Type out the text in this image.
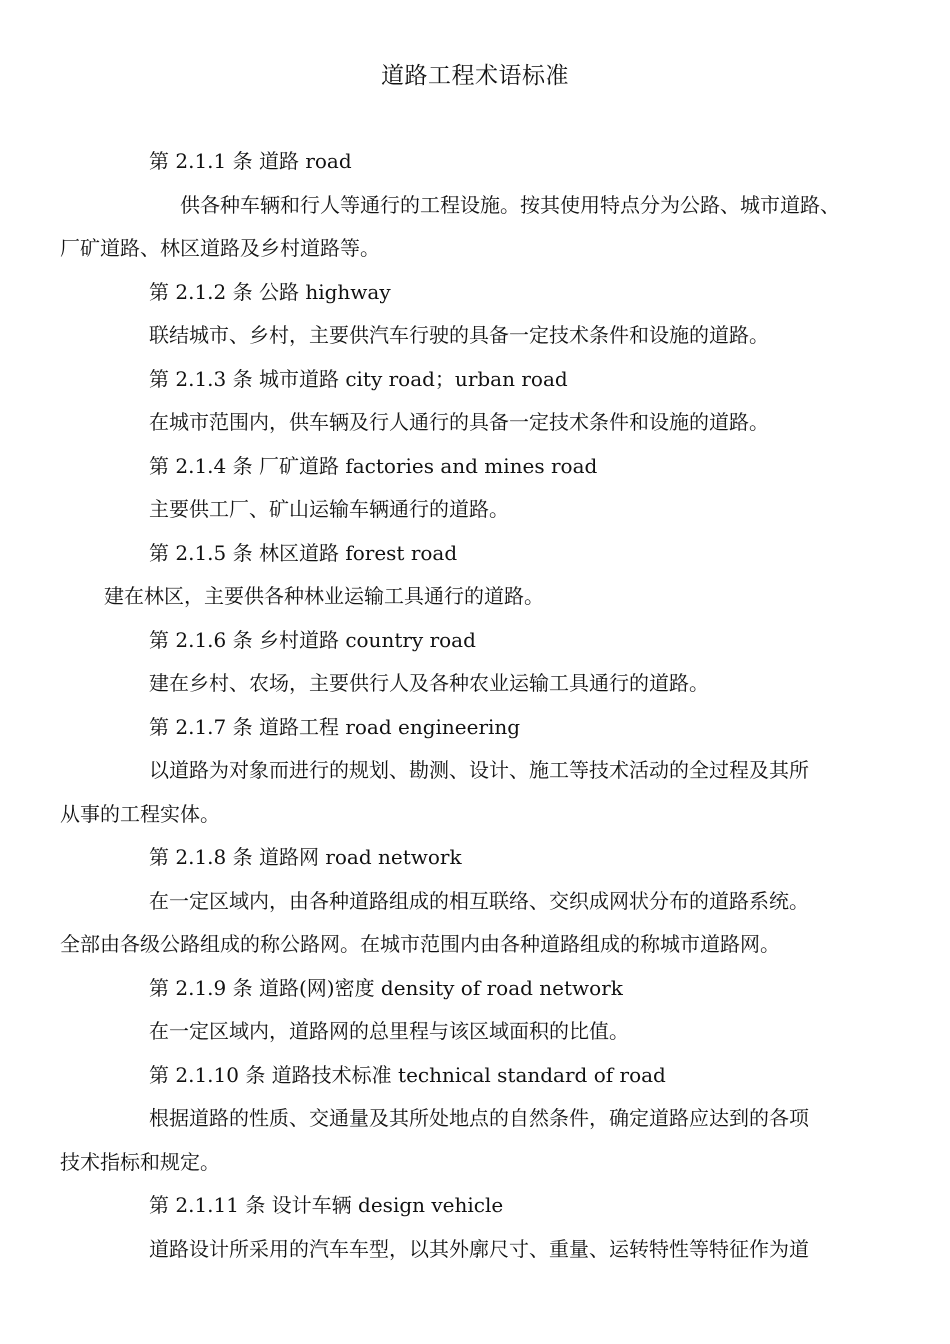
道路工程术语标准
第 2.1.1 条 道路 road
供各种车辆和行人等通行的工程设施。按其使用特点分为公路、城市道路、
厂矿道路、林区道路及乡村道路等。
第 2.1.2 条 公路 highway
联结城市、乡村，主要供汽车行驶的具备一定技术条件和设施的道路。
第 2.1.3 条 城市道路 city road；urban road
在城市范围内，供车辆及行人通行的具备一定技术条件和设施的道路。
第 2.1.4 条 厂矿道路 factories and mines road
主要供工厂、矿山运输车辆通行的道路。
第 2.1.5 条 林区道路 forest road
建在林区，主要供各种林业运输工具通行的道路。
第 2.1.6 条 乡村道路 country road
建在乡村、农场，主要供行人及各种农业运输工具通行的道路。
第 2.1.7 条 道路工程 road engineering
以道路为对象而进行的规划、勘测、设计、施工等技术活动的全过程及其所
从事的工程实体。
第 2.1.8 条 道路网 road network
在一定区域内，由各种道路组成的相互联络、交织成网状分布的道路系统。
全部由各级公路组成的称公路网。在城市范围内由各种道路组成的称城市道路网。
第 2.1.9 条 道路(网)密度 density of road network
在一定区域内，道路网的总里程与该区域面积的比值。
第 2.1.10 条 道路技术标准 technical standard of road
根据道路的性质、交通量及其所处地点的自然条件，确定道路应达到的各项
技术指标和规定。
第 2.1.11 条 设计车辆 design vehicle
道路设计所采用的汽车车型，以其外廓尺寸、重量、运转特性等特征作为道
